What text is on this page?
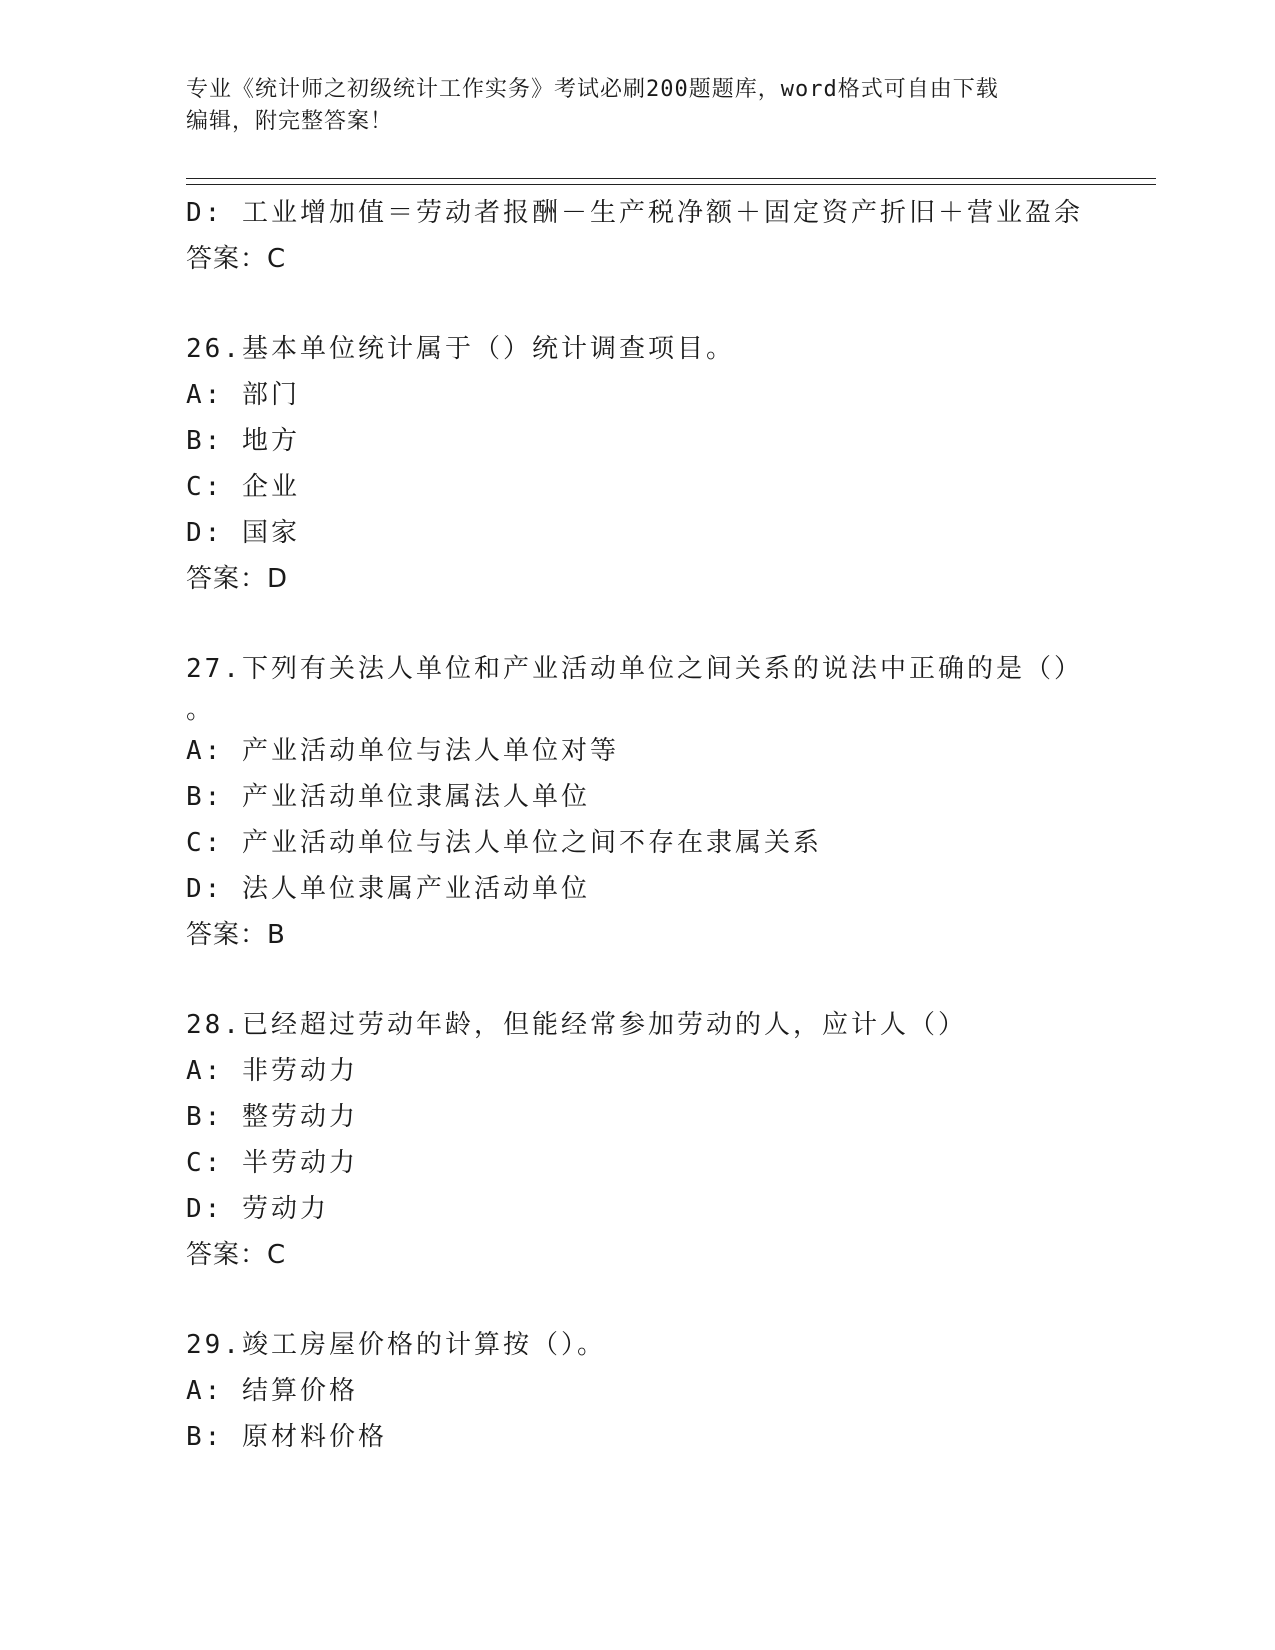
专业《统计师之初级统计工作实务》考试必刷200题题库，word格式可自由下载
编辑，附完整答案！
D: 工业增加值＝劳动者报酬－生产税净额＋固定资产折旧＋营业盈余
答案：C
26.基本单位统计属于（）统计调查项目。
A: 部门
B: 地方
C: 企业
D: 国家
答案：D
27.下列有关法人单位和产业活动单位之间关系的说法中正确的是（）
。
A: 产业活动单位与法人单位对等
B: 产业活动单位隶属法人单位
C: 产业活动单位与法人单位之间不存在隶属关系
D: 法人单位隶属产业活动单位
答案：B
28.已经超过劳动年龄，但能经常参加劳动的人，应计人（）
A: 非劳动力
B: 整劳动力
C: 半劳动力
D: 劳动力
答案：C
29.竣工房屋价格的计算按（）。
A: 结算价格
B: 原材料价格
